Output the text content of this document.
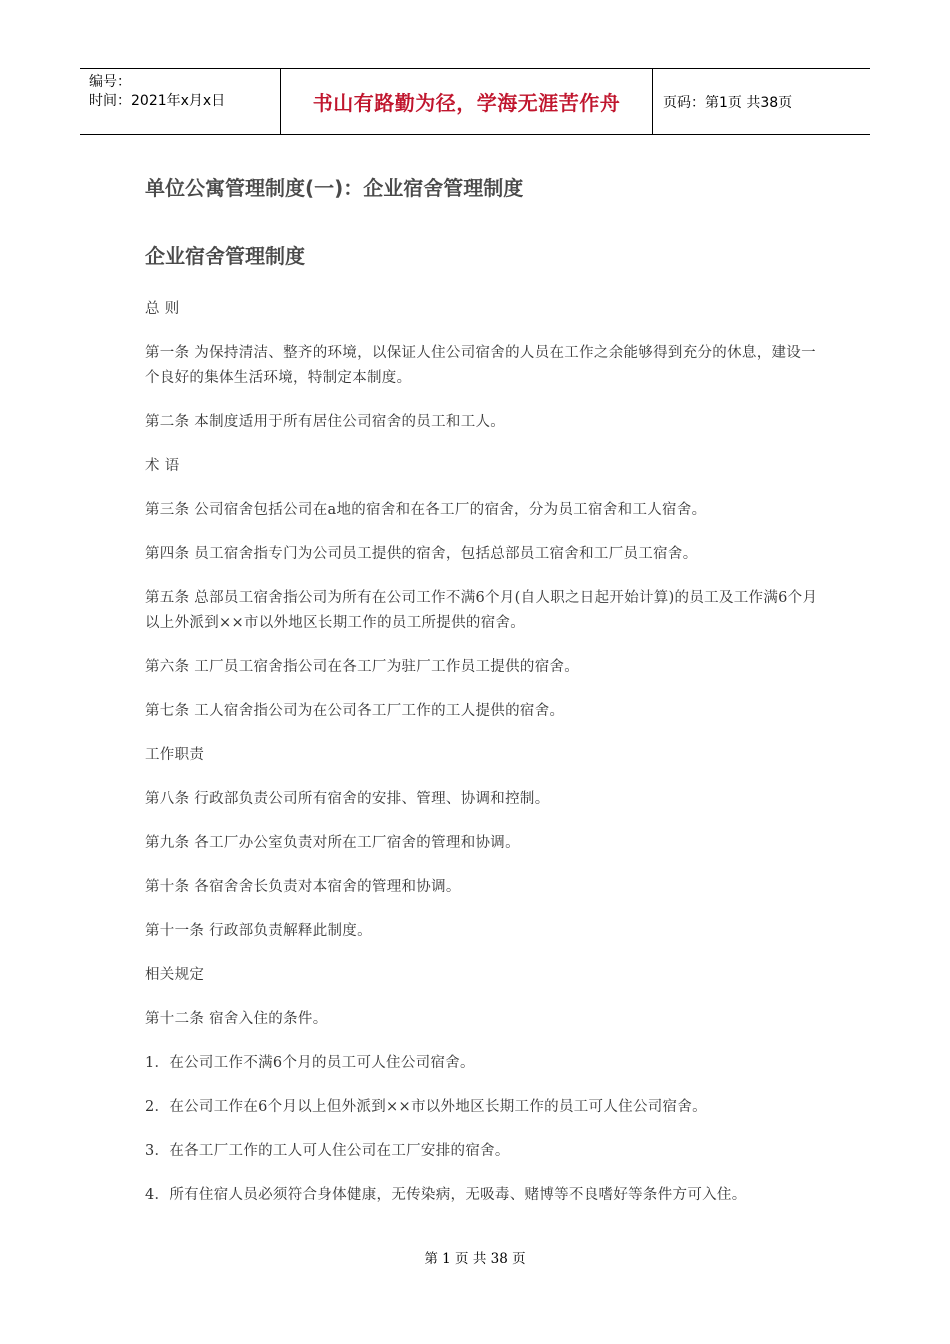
编号：
时间：2021年x月x日	书山有路勤为径，学海无涯苦作舟	页码：第1页 共38页
单位公寓管理制度(一)：企业宿舍管理制度
企业宿舍管理制度
总 则
第一条 为保持清洁、整齐的环境，以保证人住公司宿舍的人员在工作之余能够得到充分的休息，建设一个良好的集体生活环境，特制定本制度。
第二条 本制度适用于所有居住公司宿舍的员工和工人。
术 语
第三条 公司宿舍包括公司在a地的宿舍和在各工厂的宿舍，分为员工宿舍和工人宿舍。
第四条 员工宿舍指专门为公司员工提供的宿舍，包括总部员工宿舍和工厂员工宿舍。
第五条 总部员工宿舍指公司为所有在公司工作不满6个月(自人职之日起开始计算)的员工及工作满6个月以上外派到××市以外地区长期工作的员工所提供的宿舍。
第六条 工厂员工宿舍指公司在各工厂为驻厂工作员工提供的宿舍。
第七条 工人宿舍指公司为在公司各工厂工作的工人提供的宿舍。
工作职责
第八条 行政部负责公司所有宿舍的安排、管理、协调和控制。
第九条 各工厂办公室负责对所在工厂宿舍的管理和协调。
第十条 各宿舍舍长负责对本宿舍的管理和协调。
第十一条 行政部负责解释此制度。
相关规定
第十二条 宿舍入住的条件。
1．在公司工作不满6个月的员工可人住公司宿舍。
2．在公司工作在6个月以上但外派到××市以外地区长期工作的员工可人住公司宿舍。
3．在各工厂工作的工人可人住公司在工厂安排的宿舍。
4．所有住宿人员必须符合身体健康，无传染病，无吸毒、赌博等不良嗜好等条件方可入住。
第 1 页 共 38 页
